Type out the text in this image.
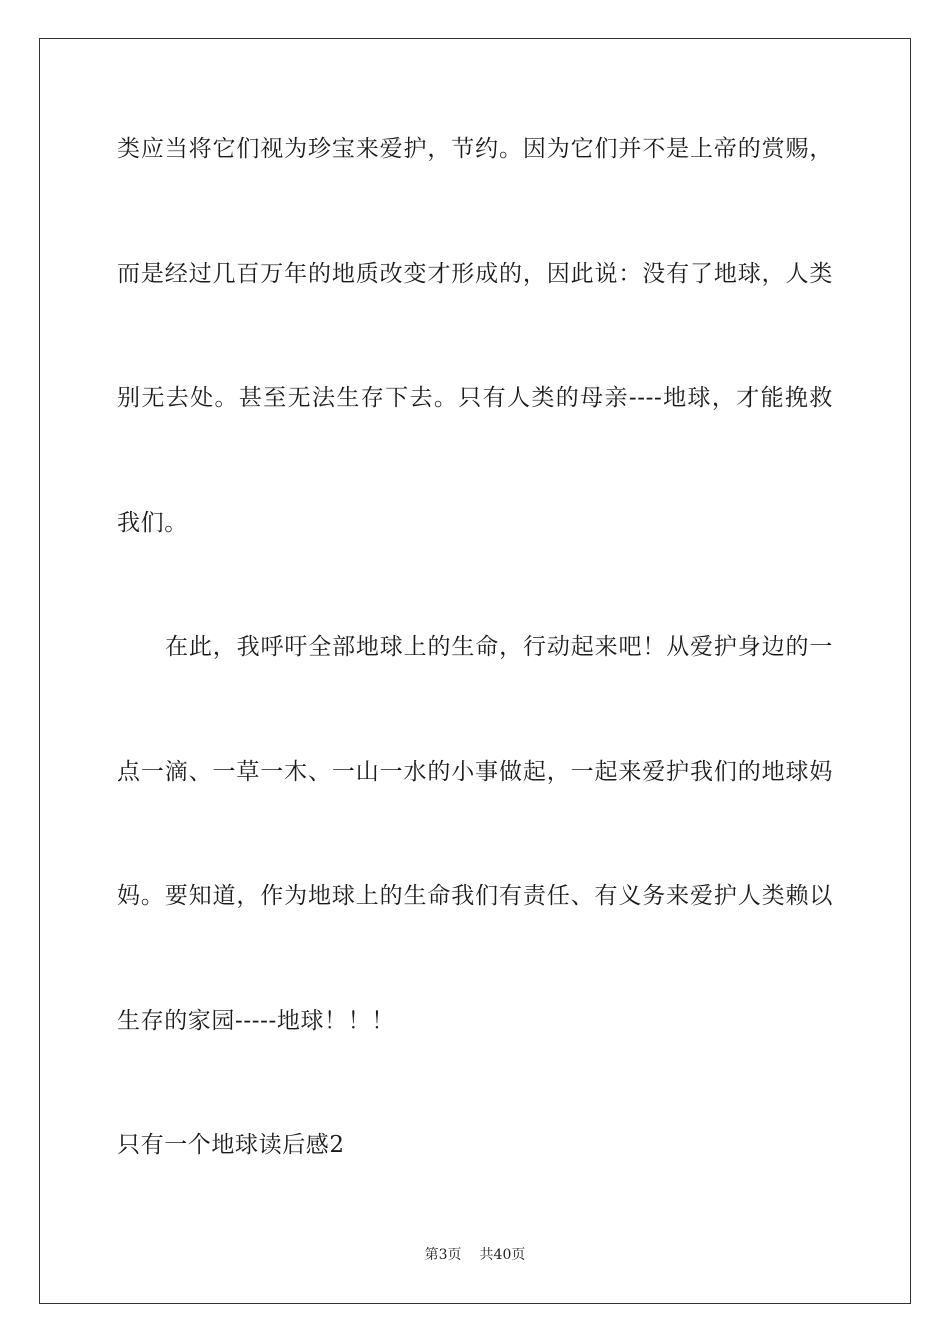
类应当将它们视为珍宝来爱护，节约。因为它们并不是上帝的赏赐，
而是经过几百万年的地质改变才形成的，因此说：没有了地球，人类
别无去处。甚至无法生存下去。只有人类的母亲----地球，才能挽救
我们。
在此，我呼吁全部地球上的生命，行动起来吧！从爱护身边的一
点一滴、一草一木、一山一水的小事做起，一起来爱护我们的地球妈
妈。要知道，作为地球上的生命我们有责任、有义务来爱护人类赖以
生存的家园-----地球！！！
只有一个地球读后感2
第3页 共40页
